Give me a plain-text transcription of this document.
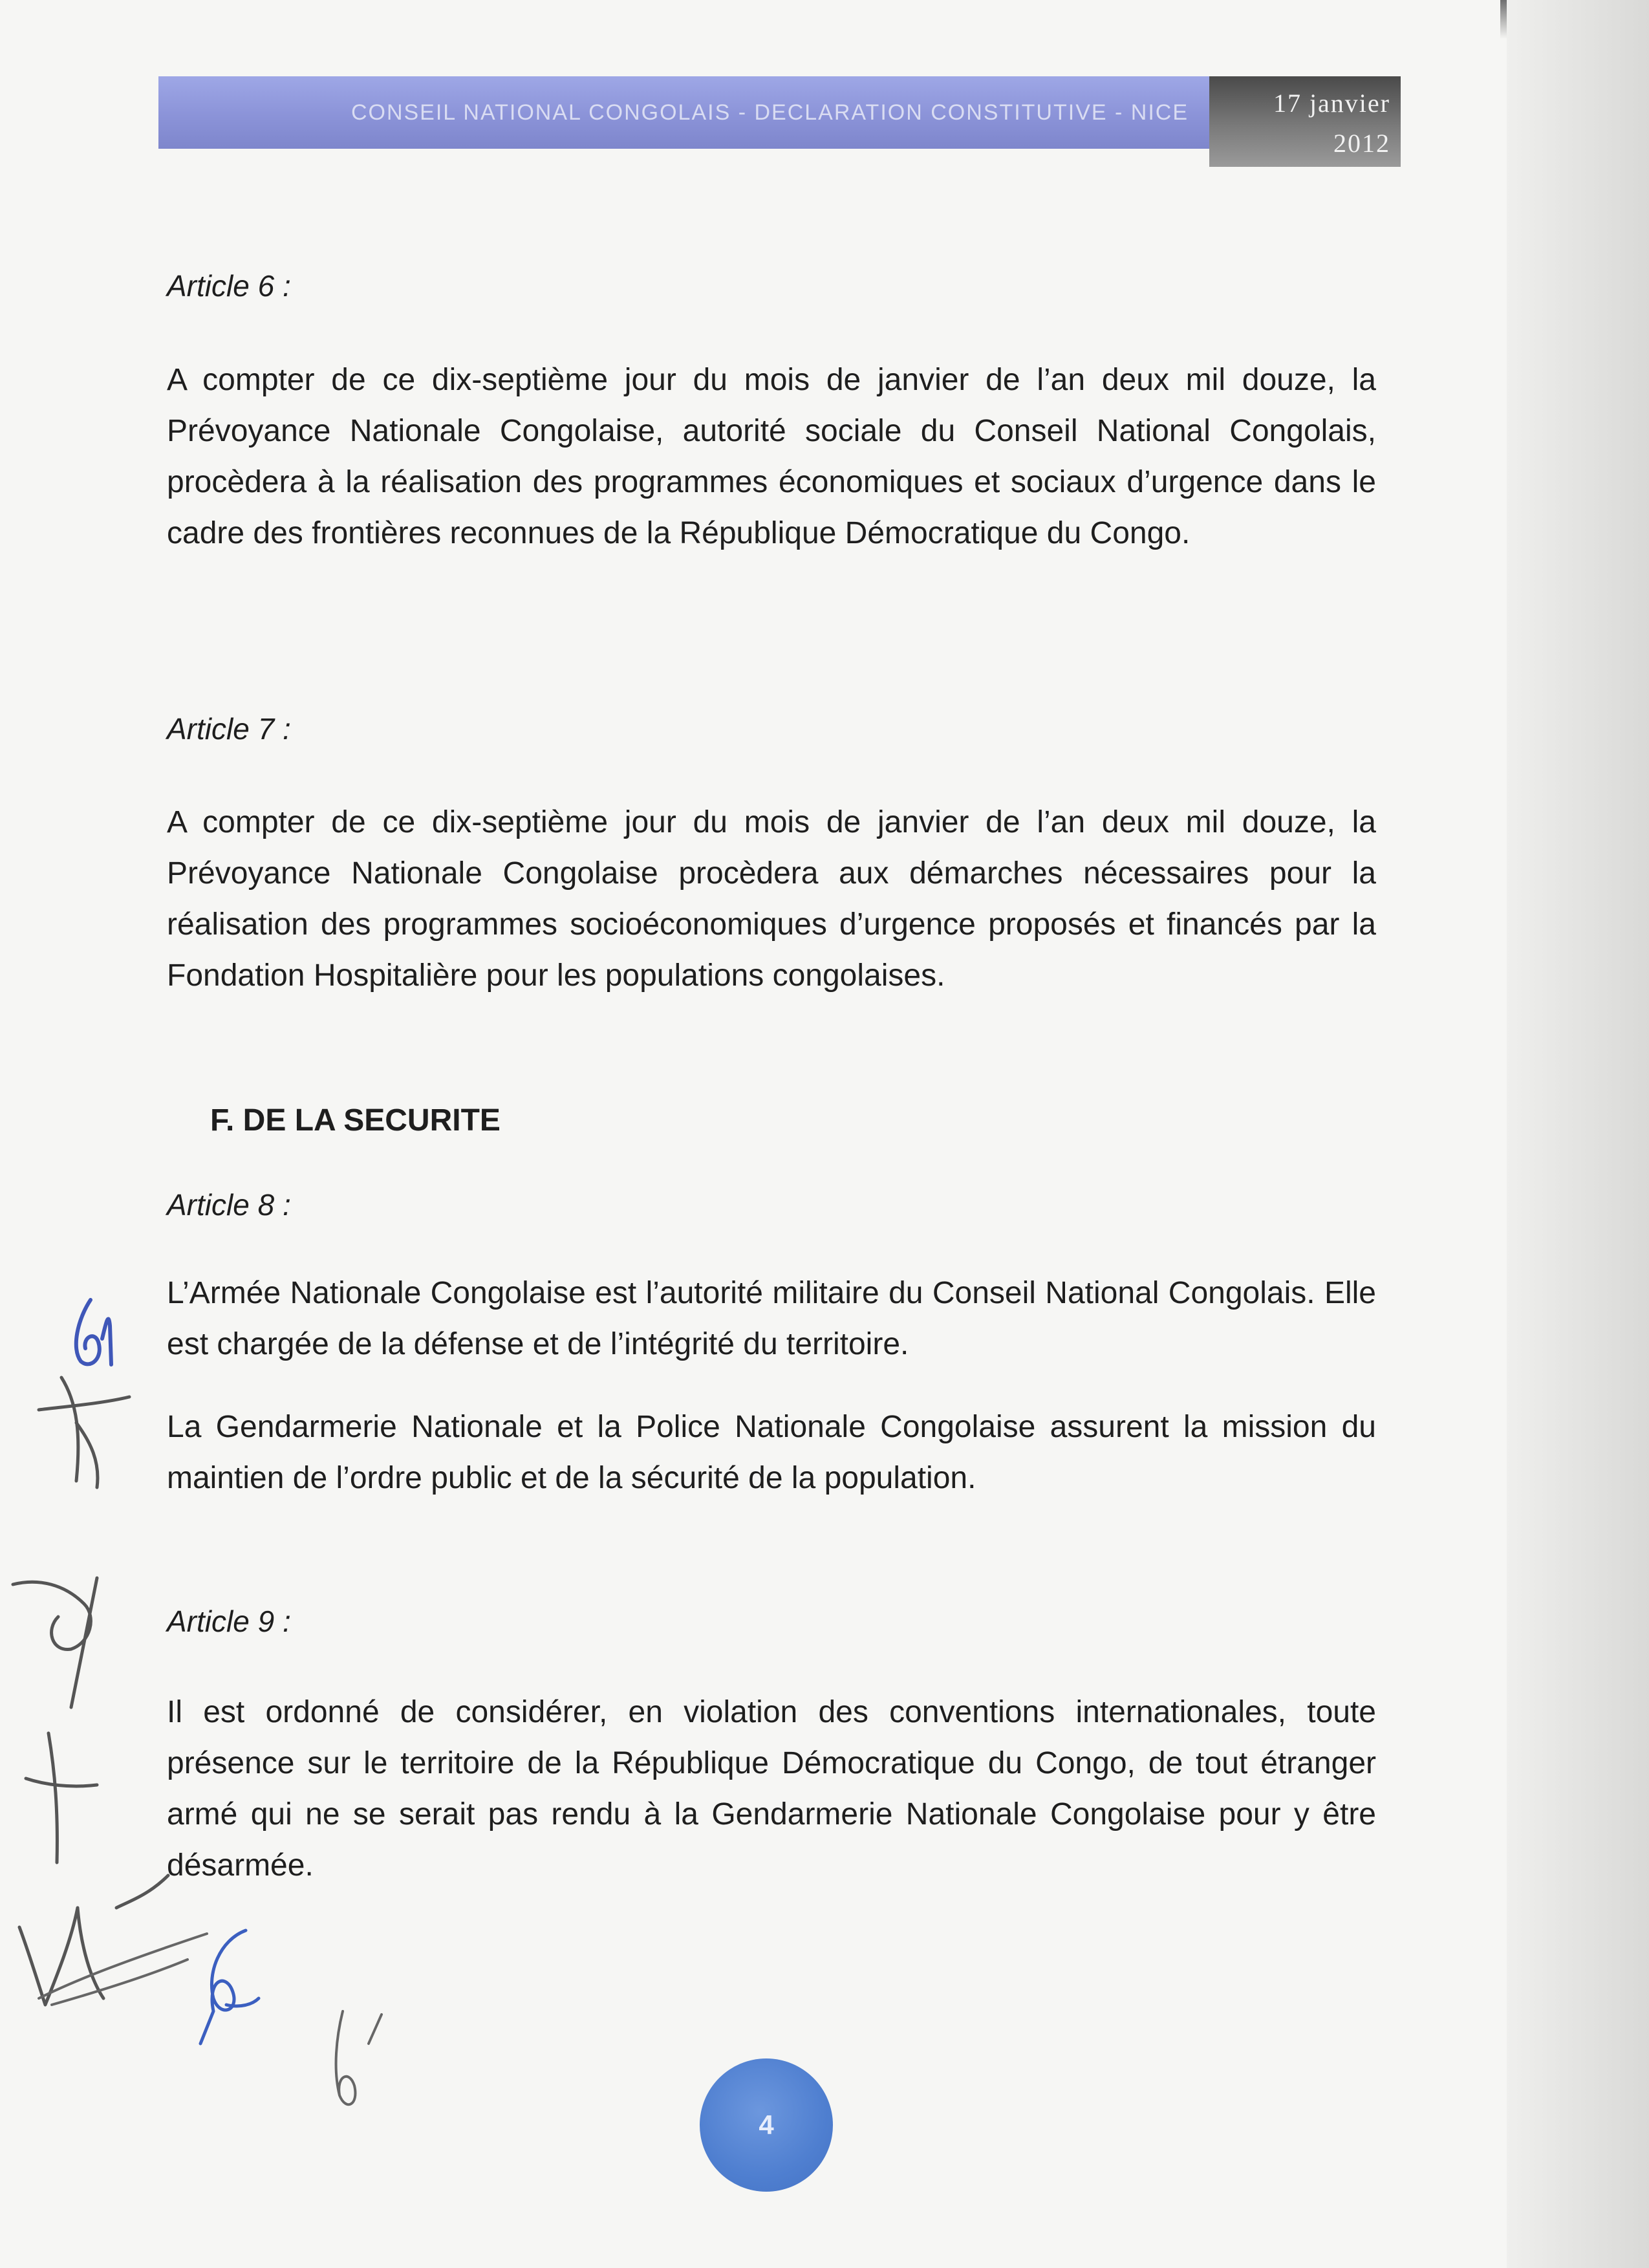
CONSEIL NATIONAL CONGOLAIS - DECLARATION CONSTITUTIVE - NICE	17 janvier
2012
Article 6 :
A compter de ce dix-septième jour du mois de janvier de l’an deux mil douze, la Prévoyance Nationale Congolaise, autorité sociale du Conseil National Congolais, procèdera à la réalisation des programmes économiques et sociaux d’urgence dans le cadre des frontières reconnues de la République Démocratique du Congo.
Article 7 :
A compter de ce dix-septième jour du mois de janvier de l’an deux mil douze, la Prévoyance Nationale Congolaise procèdera aux démarches nécessaires pour la réalisation des programmes socioéconomiques d’urgence proposés et financés par la Fondation Hospitalière pour les populations congolaises.
F. DE LA SECURITE
Article 8 :
L’Armée Nationale Congolaise est l’autorité militaire du Conseil National Congolais. Elle est chargée de la défense et de l’intégrité du territoire.
La Gendarmerie Nationale et la Police Nationale Congolaise assurent la mission du maintien de l’ordre public et de la sécurité de la population.
Article 9 :
Il est ordonné de considérer, en violation des conventions internationales, toute présence sur le territoire de la République Démocratique du Congo, de tout étranger armé qui ne se serait pas rendu à la Gendarmerie Nationale Congolaise pour y être désarmée.
4
